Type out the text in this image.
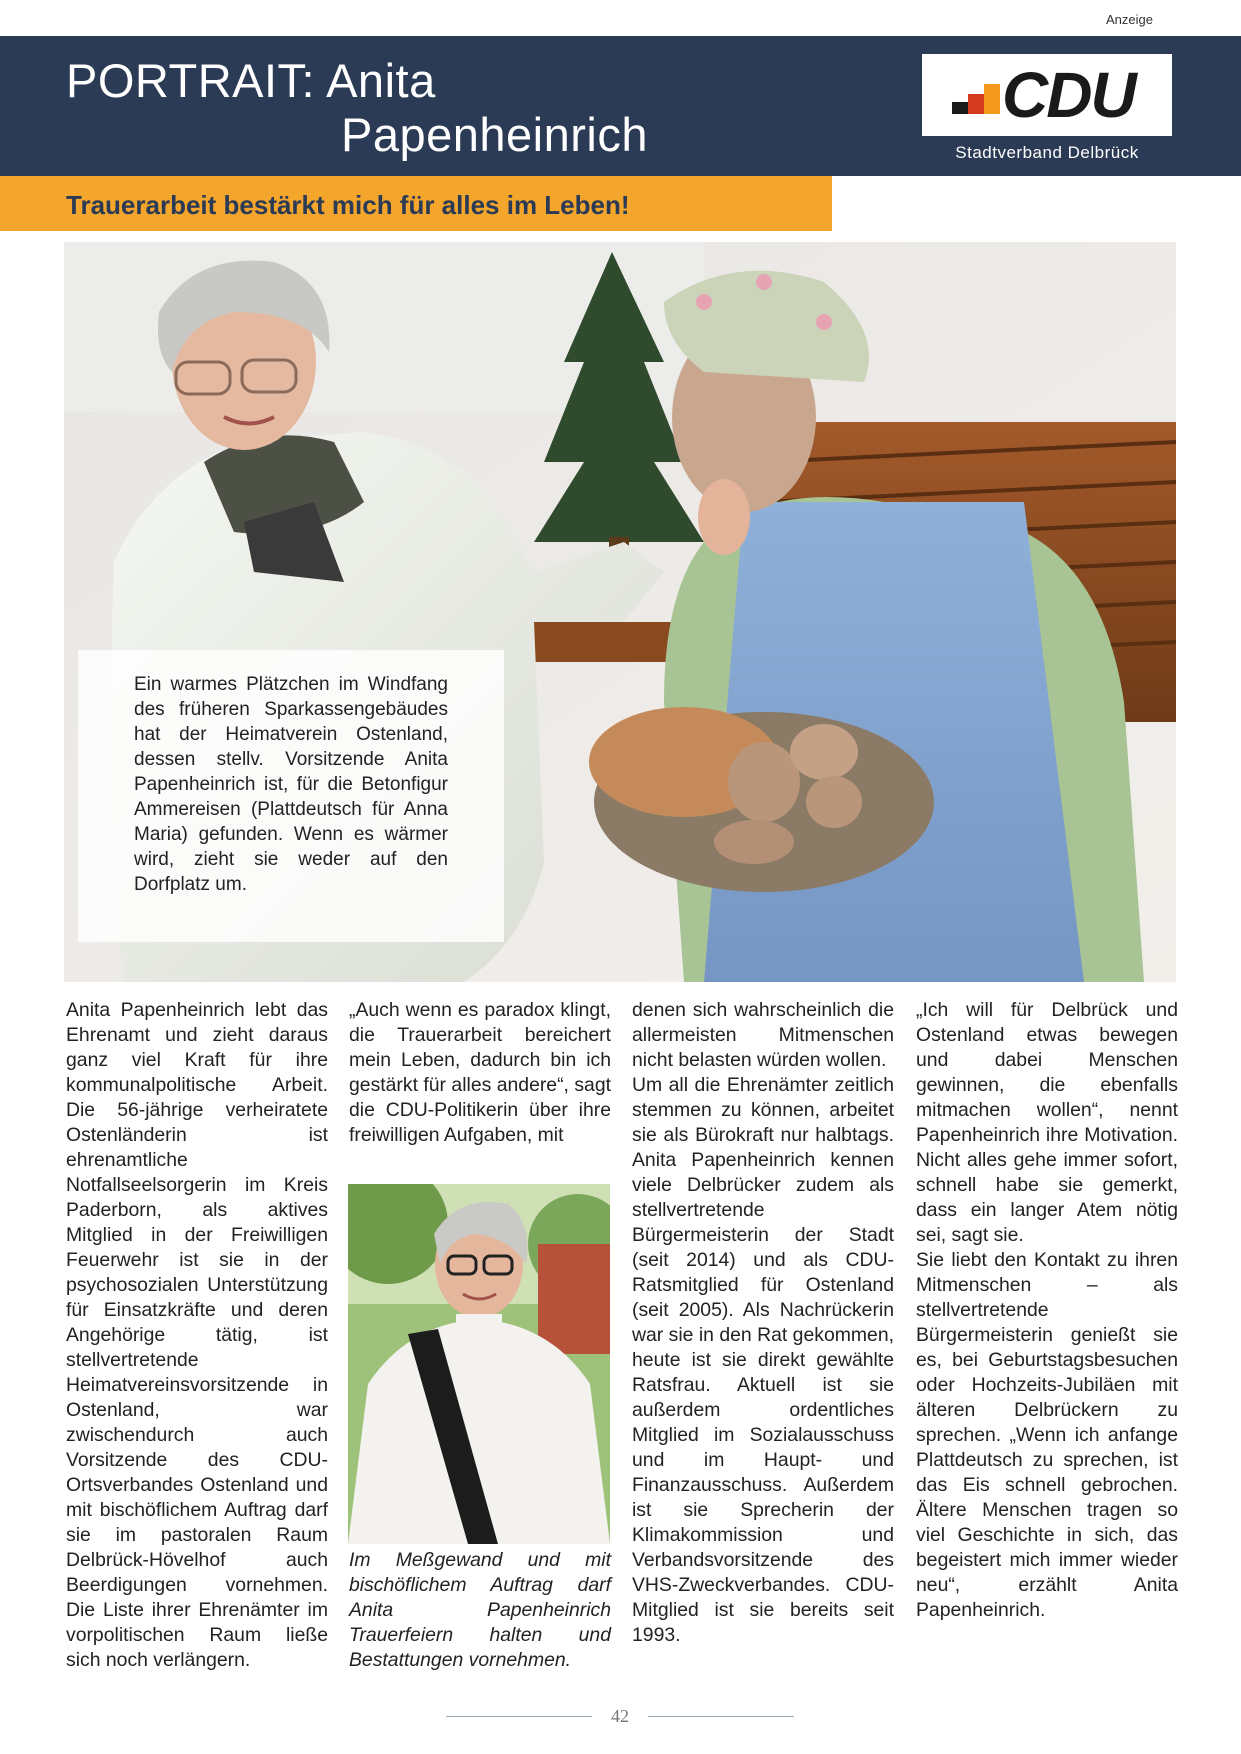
Anzeige
PORTRAIT: Anita
Papenheinrich
CDU
Stadtverband Delbrück
Trauerarbeit bestärkt mich für alles im Leben!

Ein warmes Plätzchen im Windfang des früheren Sparkassengebäudes hat der Heimatverein Ostenland, dessen stellv. Vorsitzende Anita Papenheinrich ist, für die Betonfigur Ammereisen (Plattdeutsch für Anna Maria) gefunden. Wenn es wärmer wird, zieht sie weder auf den Dorfplatz um.

Anita Papenheinrich lebt das Ehrenamt und zieht daraus ganz viel Kraft für ihre kommunalpolitische Arbeit. Die 56-jährige verheiratete Ostenländerin ist ehrenamtliche Notfallseelsorgerin im Kreis Paderborn, als aktives Mitglied in der Freiwilligen Feuerwehr ist sie in der psychosozialen Unterstützung für Einsatzkräfte und deren Angehörige tätig, ist stellvertretende Heimatvereinsvorsitzende in Ostenland, war zwischendurch auch Vorsitzende des CDU-Ortsverbandes Ostenland und mit bischöflichem Auftrag darf sie im pastoralen Raum Delbrück-Hövelhof auch Beerdigungen vornehmen. Die Liste ihrer Ehrenämter im vorpolitischen Raum ließe sich noch verlängern.

„Auch wenn es paradox klingt, die Trauerarbeit bereichert mein Leben, dadurch bin ich gestärkt für alles andere“, sagt die CDU-Politikerin über ihre freiwilligen Aufgaben, mit

denen sich wahrscheinlich die allermeisten Mitmenschen nicht belasten würden wollen.

Um all die Ehrenämter zeitlich stemmen zu können, arbeitet sie als Bürokraft nur halbtags. Anita Papenheinrich kennen viele Delbrücker zudem als stellvertretende Bürgermeisterin der Stadt (seit 2014) und als CDU-Ratsmitglied für Ostenland (seit 2005). Als Nachrückerin war sie in den Rat gekommen, heute ist sie direkt gewählte Ratsfrau. Aktuell ist sie außerdem ordentliches Mitglied im Sozialausschuss und im Haupt- und Finanzausschuss. Außerdem ist sie Sprecherin der Klimakommission und Verbandsvorsitzende des VHS-Zweckverbandes. CDU-Mitglied ist sie bereits seit 1993.

„Ich will für Delbrück und Ostenland etwas bewegen und dabei Menschen gewinnen, die ebenfalls mitmachen wollen“, nennt Papenheinrich ihre Motivation. Nicht alles gehe immer sofort, schnell habe sie gemerkt, dass ein langer Atem nötig sei, sagt sie.

Sie liebt den Kontakt zu ihren Mitmenschen – als stellvertretende Bürgermeisterin genießt sie es, bei Geburtstagsbesuchen oder Hochzeits-Jubiläen mit älteren Delbrückern zu sprechen. „Wenn ich anfange Plattdeutsch zu sprechen, ist das Eis schnell gebrochen. Ältere Menschen tragen so viel Geschichte in sich, das begeistert mich immer wieder neu“, erzählt Anita Papenheinrich.

Im Meßgewand und mit bischöflichem Auftrag darf Anita Papenheinrich Trauerfeiern halten und Bestattungen vornehmen.

42
